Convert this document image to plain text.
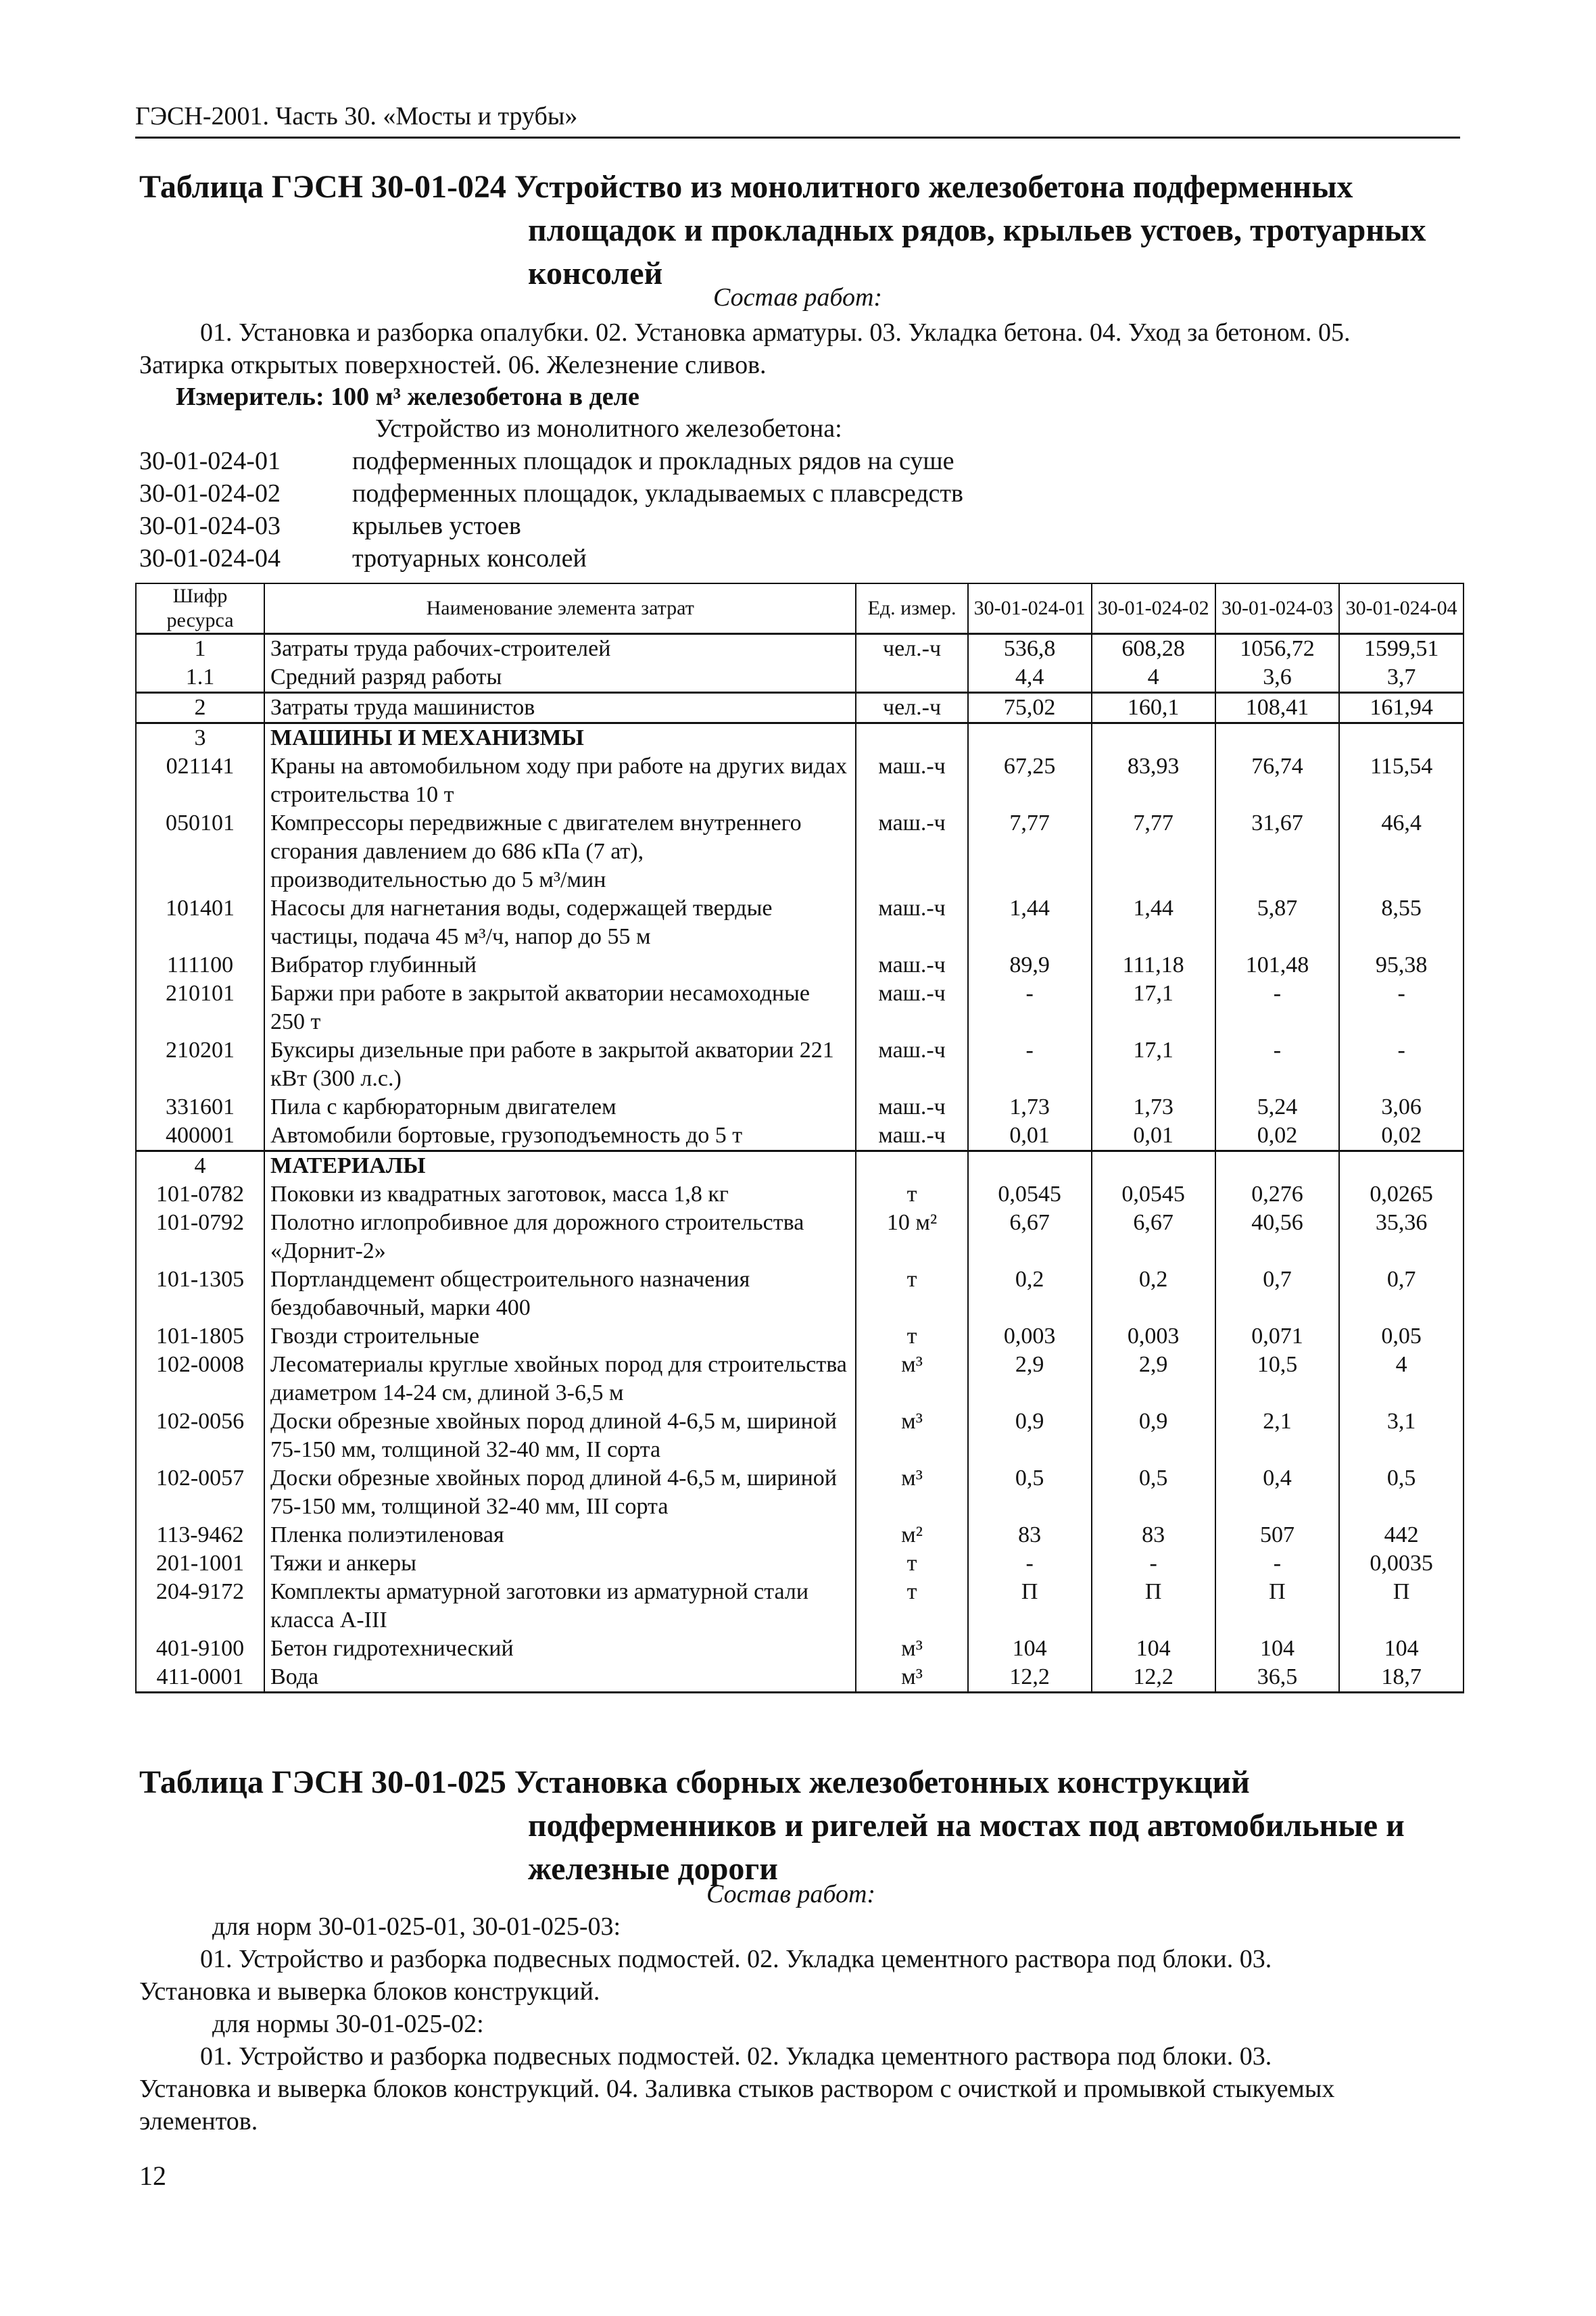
ГЭСН-2001. Часть 30. «Мосты и трубы»
Таблица ГЭСН 30-01-024 Устройство из монолитного железобетона подферменных
площадок и прокладных рядов, крыльев устоев, тротуарных
консолей
Состав работ:
01. Установка и разборка опалубки. 02. Установка арматуры. 03. Укладка бетона. 04. Уход за бетоном. 05.
Затирка открытых поверхностей. 06. Железнение сливов.
Измеритель: 100 м³ железобетона в деле
Устройство из монолитного железобетона:
30-01-024-01	подферменных площадок и прокладных рядов на суше
30-01-024-02	подферменных площадок, укладываемых с плавсредств
30-01-024-03	крыльев устоев
30-01-024-04	тротуарных консолей
Шифр ресурса	Наименование элемента затрат	Ед. измер.	30-01-024-01	30-01-024-02	30-01-024-03	30-01-024-04
1	Затраты труда рабочих-строителей	чел.-ч	536,8	608,28	1056,72	1599,51
1.1	Средний разряд работы		4,4	4	3,6	3,7
2	Затраты труда машинистов	чел.-ч	75,02	160,1	108,41	161,94
3	МАШИНЫ И МЕХАНИЗМЫ					
021141	Краны на автомобильном ходу при работе на других видах строительства 10 т	маш.-ч	67,25	83,93	76,74	115,54
050101	Компрессоры передвижные с двигателем внутреннего сгорания давлением до 686 кПа (7 ат), производительностью до 5 м³/мин	маш.-ч	7,77	7,77	31,67	46,4
101401	Насосы для нагнетания воды, содержащей твердые частицы, подача 45 м³/ч, напор до 55 м	маш.-ч	1,44	1,44	5,87	8,55
111100	Вибратор глубинный	маш.-ч	89,9	111,18	101,48	95,38
210101	Баржи при работе в закрытой акватории несамоходные 250 т	маш.-ч	-	17,1	-	-
210201	Буксиры дизельные при работе в закрытой акватории 221 кВт (300 л.с.)	маш.-ч	-	17,1	-	-
331601	Пила с карбюраторным двигателем	маш.-ч	1,73	1,73	5,24	3,06
400001	Автомобили бортовые, грузоподъемность до 5 т	маш.-ч	0,01	0,01	0,02	0,02
4	МАТЕРИАЛЫ					
101-0782	Поковки из квадратных заготовок, масса 1,8 кг	т	0,0545	0,0545	0,276	0,0265
101-0792	Полотно иглопробивное для дорожного строительства «Дорнит-2»	10 м²	6,67	6,67	40,56	35,36
101-1305	Портландцемент общестроительного назначения бездобавочный, марки 400	т	0,2	0,2	0,7	0,7
101-1805	Гвозди строительные	т	0,003	0,003	0,071	0,05
102-0008	Лесоматериалы круглые хвойных пород для строительства диаметром 14-24 см, длиной 3-6,5 м	м³	2,9	2,9	10,5	4
102-0056	Доски обрезные хвойных пород длиной 4-6,5 м, шириной 75-150 мм, толщиной 32-40 мм, II сорта	м³	0,9	0,9	2,1	3,1
102-0057	Доски обрезные хвойных пород длиной 4-6,5 м, шириной 75-150 мм, толщиной 32-40 мм, III сорта	м³	0,5	0,5	0,4	0,5
113-9462	Пленка полиэтиленовая	м²	83	83	507	442
201-1001	Тяжи и анкеры	т	-	-	-	0,0035
204-9172	Комплекты арматурной заготовки из арматурной стали класса А-III	т	П	П	П	П
401-9100	Бетон гидротехнический	м³	104	104	104	104
411-0001	Вода	м³	12,2	12,2	36,5	18,7
Таблица ГЭСН 30-01-025 Установка сборных железобетонных конструкций
подферменников и ригелей на мостах под автомобильные и
железные дороги
Состав работ:
для норм 30-01-025-01, 30-01-025-03:
01. Устройство и разборка подвесных подмостей. 02. Укладка цементного раствора под блоки. 03.
Установка и выверка блоков конструкций.
для нормы 30-01-025-02:
01. Устройство и разборка подвесных подмостей. 02. Укладка цементного раствора под блоки. 03.
Установка и выверка блоков конструкций. 04. Заливка стыков раствором с очисткой и промывкой стыкуемых
элементов.
12
